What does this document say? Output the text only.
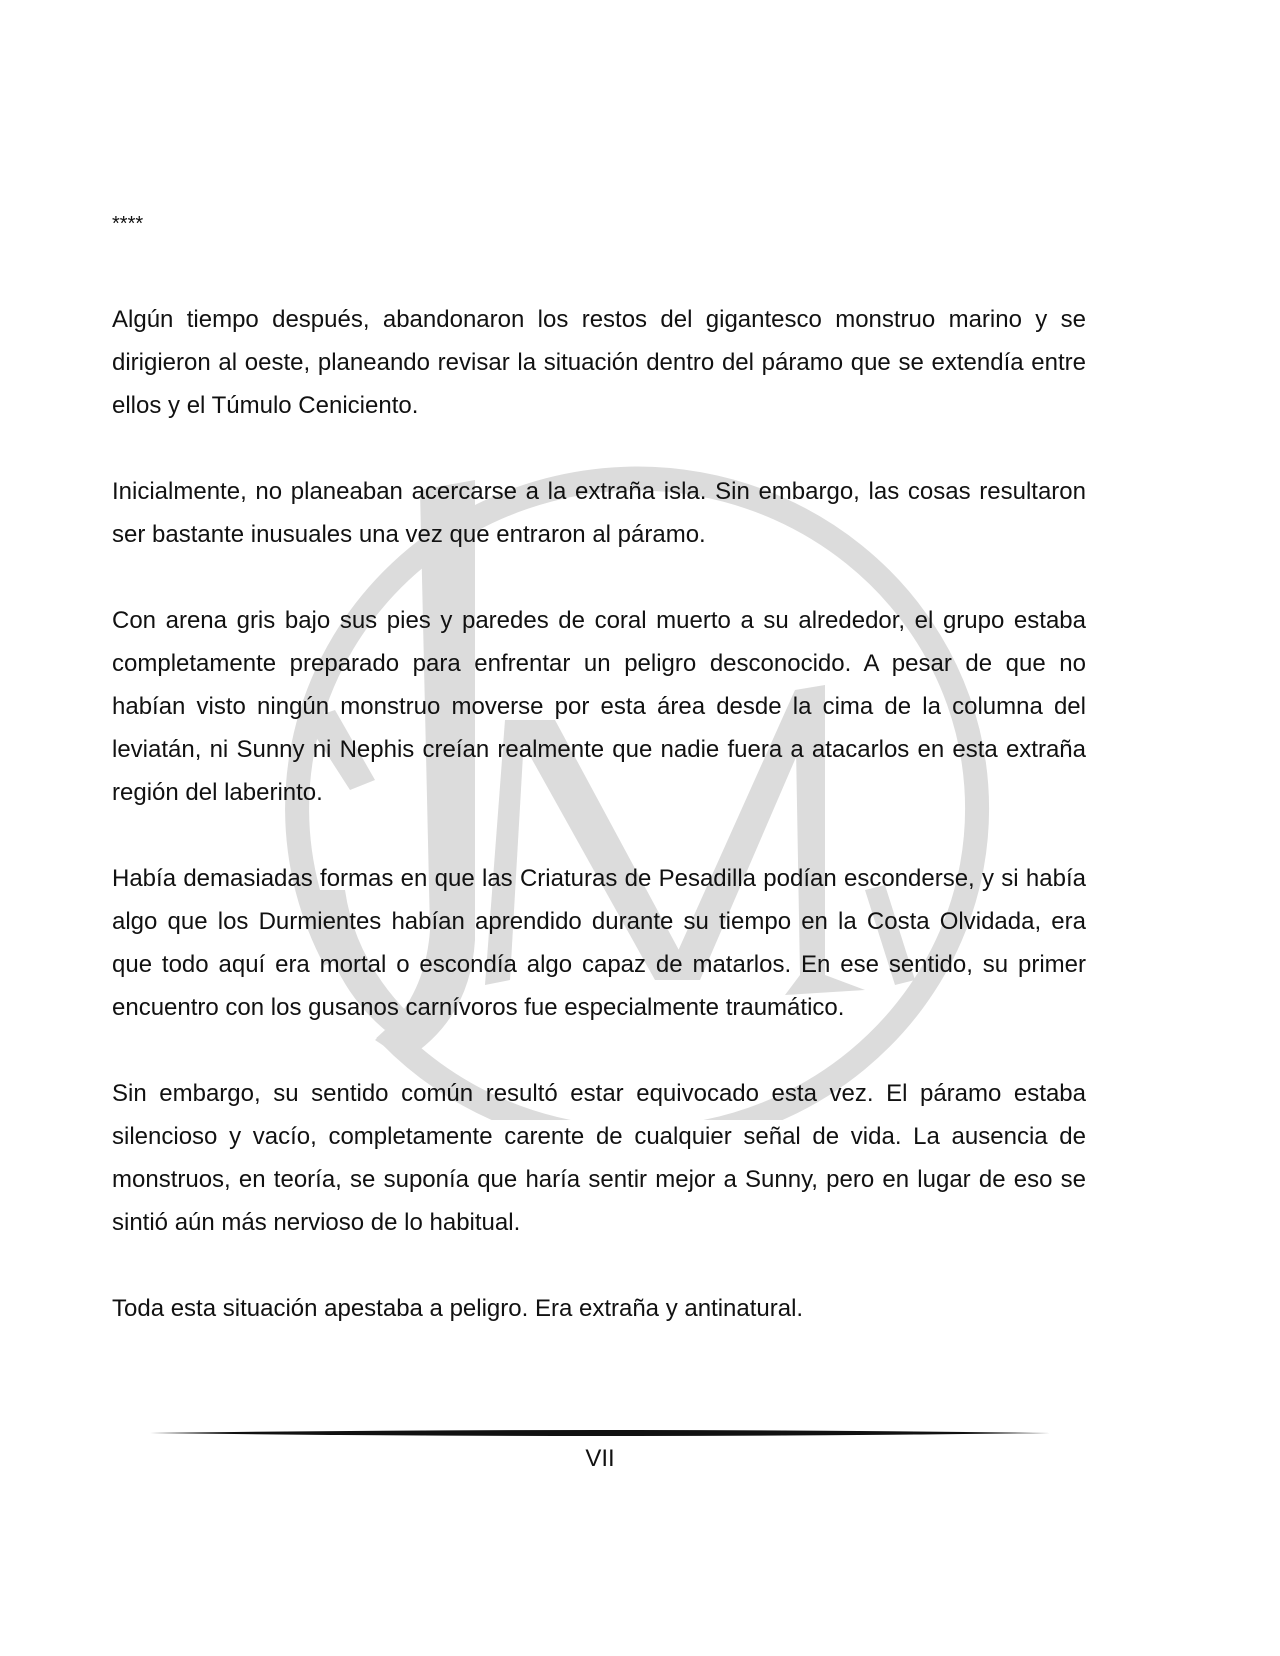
****

Algún tiempo después, abandonaron los restos del gigantesco monstruo marino y se dirigieron al oeste, planeando revisar la situación dentro del páramo que se extendía entre ellos y el Túmulo Ceniciento.

Inicialmente, no planeaban acercarse a la extraña isla. Sin embargo, las cosas resultaron ser bastante inusuales una vez que entraron al páramo.

Con arena gris bajo sus pies y paredes de coral muerto a su alrededor, el grupo estaba completamente preparado para enfrentar un peligro desconocido. A pesar de que no habían visto ningún monstruo moverse por esta área desde la cima de la columna del leviatán, ni Sunny ni Nephis creían realmente que nadie fuera a atacarlos en esta extraña región del laberinto.

Había demasiadas formas en que las Criaturas de Pesadilla podían esconderse, y si había algo que los Durmientes habían aprendido durante su tiempo en la Costa Olvidada, era que todo aquí era mortal o escondía algo capaz de matarlos. En ese sentido, su primer encuentro con los gusanos carnívoros fue especialmente traumático.

Sin embargo, su sentido común resultó estar equivocado esta vez. El páramo estaba silencioso y vacío, completamente carente de cualquier señal de vida. La ausencia de monstruos, en teoría, se suponía que haría sentir mejor a Sunny, pero en lugar de eso se sintió aún más nervioso de lo habitual.

Toda esta situación apestaba a peligro. Era extraña y antinatural.

VII
